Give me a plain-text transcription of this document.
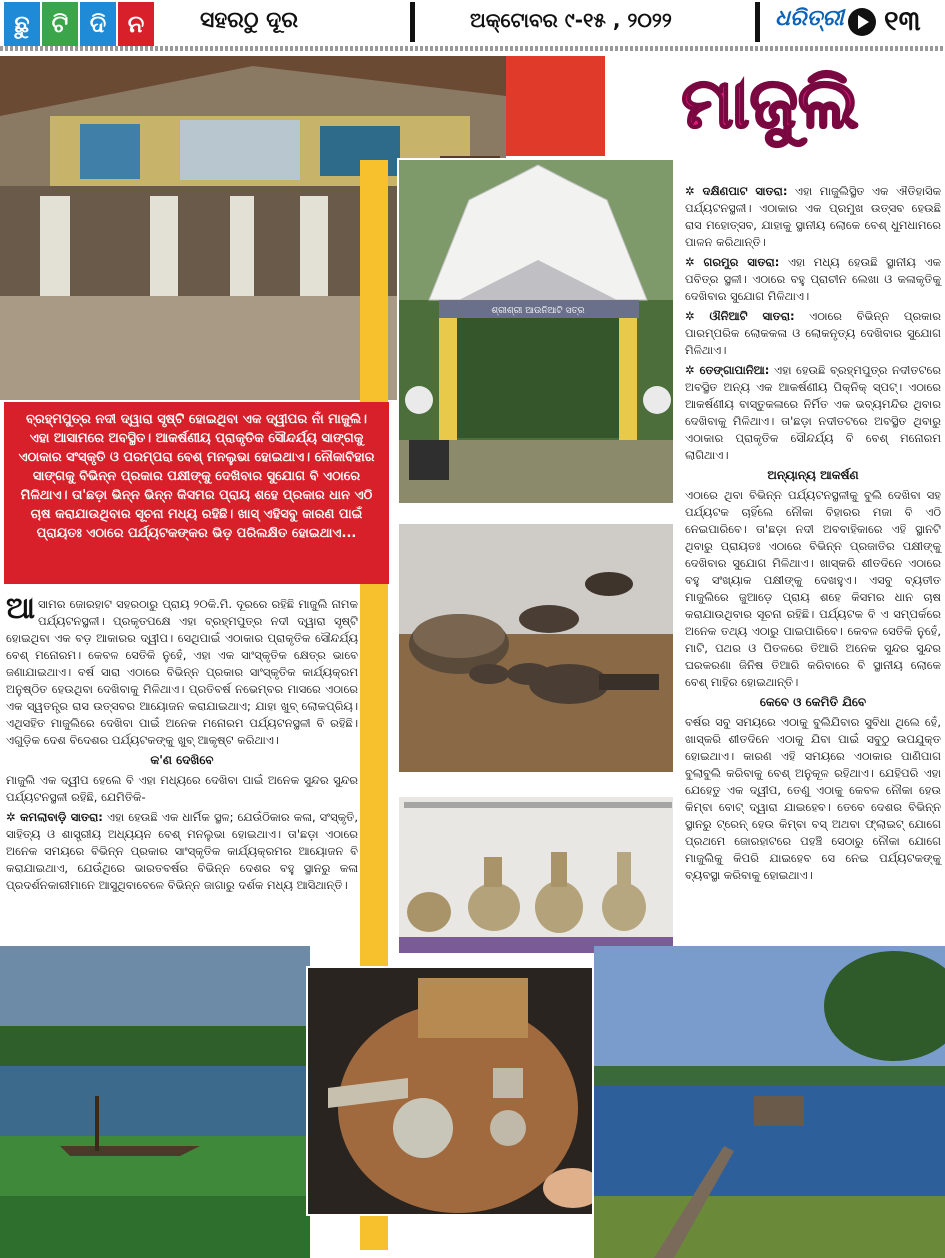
ଛୁ ଟି ଦି ନ	ସହରଠୁ ଦୂର	ଅକ୍ଟୋବର ୯-୧୫ , ୨୦୨୨	ଧରିତ୍ରୀ ୧୩
ମାଜୁଲି
ଶ୍ରୀଶ୍ରୀ ଆଉନିଆଟି ସତ୍ର
ବ୍ରହ୍ମପୁତ୍ର ନଦୀ ଦ୍ୱାରା ସୃଷ୍ଟି ହୋଇଥିବା ଏକ ଦ୍ୱୀପର ନାଁ ମାଜୁଲି। ଏହା ଆସାମରେ ଅବସ୍ଥିତ। ଆକର୍ଷଣୀୟ ପ୍ରାକୃତିକ ସୌନ୍ଦର୍ଯ୍ୟ ସାଙ୍ଗକୁ ଏଠାକାର ସଂସ୍କୃତି ଓ ପରମ୍ପରା ବେଶ୍ ମନଲୁଭା ହୋଇଥାଏ। ନୌକାବିହାର ସାଙ୍ଗକୁ ବିଭିନ୍ନ ପ୍ରକାର ପକ୍ଷୀଙ୍କୁ ଦେଖିବାର ସୁଯୋଗ ବି ଏଠାରେ ମିଳିଥାଏ। ତା'ଛଡ଼ା ଭିନ୍ନ ଭିନ୍ନ କିସମର ପ୍ରାୟ ଶହେ ପ୍ରକାର ଧାନ ଏଠି ଚାଷ କରାଯାଉଥିବାର ସୂଚନା ମଧ୍ୟ ରହିଛି। ଖାସ୍ ଏହିସବୁ କାରଣ ପାଇଁ ପ୍ରାୟତଃ ଏଠାରେ ପର୍ଯ୍ୟଟକଙ୍କର ଭିଡ଼ ପରିଲକ୍ଷିତ ହୋଇଥାଏ...

ଆସାମର ଜୋରହାଟ ସହରଠାରୁ ପ୍ରାୟ ୨୦କି.ମି. ଦୂରରେ ରହିଛି ମାଜୁଲି ନାମକ ପର୍ଯ୍ୟଟନସ୍ଥଳୀ। ପ୍ରକୃତପକ୍ଷେ ଏହା ବ୍ରହ୍ମପୁତ୍ର ନଦୀ ଦ୍ୱାରା ସୃଷ୍ଟି ହୋଇଥିବା ଏକ ବଡ଼ ଆକାରର ଦ୍ୱୀପ। ସେଥିପାଇଁ ଏଠାକାର ପ୍ରାକୃତିକ ସୌନ୍ଦର୍ଯ୍ୟ ବେଶ୍ ମନୋରମ। କେବଳ ସେତିକି ନୁହେଁ, ଏହା ଏକ ସାଂସ୍କୃତିକ କ୍ଷେତ୍ର ଭାବେ ଜଣାଯାଇଥାଏ। ବର୍ଷ ସାରା ଏଠାରେ ବିଭିନ୍ନ ପ୍ରକାର ସାଂସ୍କୃତିକ କାର୍ଯ୍ୟକ୍ରମ ଅନୁଷ୍ଠିତ ହେଉଥିବା ଦେଖିବାକୁ ମିଳିଥାଏ। ପ୍ରତିବର୍ଷ ନଭେମ୍ବର ମାସରେ ଏଠାରେ ଏକ ସ୍ୱତନ୍ତ୍ର ରାସ ଉତ୍ସବର ଆୟୋଜନ କରାଯାଇଥାଏ; ଯାହା ଖୁବ୍ ଲୋକପ୍ରିୟ। ଏଥିସହିତ ମାଜୁଲିରେ ଦେଖିବା ପାଇଁ ଅନେକ ମନୋରମ ପର୍ଯ୍ୟଟନସ୍ଥଳୀ ବି ରହିଛି। ଏଗୁଡ଼ିକ ଦେଶ ବିଦେଶର ପର୍ଯ୍ୟଟକଙ୍କୁ ଖୁବ୍ ଆକୃଷ୍ଟ କରିଥାଏ।

କ'ଣ ଦେଖିବେ

ମାଜୁଲି ଏକ ଦ୍ୱୀପ ହେଲେ ବି ଏହା ମଧ୍ୟରେ ଦେଖିବା ପାଇଁ ଅନେକ ସୁନ୍ଦର ସୁନ୍ଦର ପର୍ଯ୍ୟଟନସ୍ଥଳୀ ରହିଛି, ଯେମିତିକି-

✲ କମଲାବାଡ଼ି ସାତରା: ଏହା ହେଉଛି ଏକ ଧାର୍ମିକ ସ୍ଥଳ; ଯେଉଁଠିକାର କଳା, ସଂସ୍କୃତି, ସାହିତ୍ୟ ଓ ଶାସ୍ତ୍ରୀୟ ଅଧ୍ୟୟନ ବେଶ୍ ମନଲୁଭା ହୋଇଥାଏ। ତା'ଛଡ଼ା ଏଠାରେ ଅନେକ ସମୟରେ ବିଭିନ୍ନ ପ୍ରକାର ସାଂସ୍କୃତିକ କାର୍ଯ୍ୟକ୍ରମର ଆୟୋଜନ ବି କରାଯାଇଥାଏ, ଯେଉଁଥିରେ ଭାରତବର୍ଷର ବିଭିନ୍ନ ଦେଶର ବହୁ ସ୍ଥାନରୁ କଳା ପ୍ରଦର୍ଶନକାରୀମାନେ ଆସୁଥିବାବେଳେ ବିଭିନ୍ନ ଜାଗାରୁ ଦର୍ଶକ ମଧ୍ୟ ଆସିଥାନ୍ତି।

✲ ଦକ୍ଷିଣପାଟ ସାତରା: ଏହା ମାଜୁଲିସ୍ଥିତ ଏକ ଐତିହାସିକ ପର୍ଯ୍ୟଟନସ୍ଥଳୀ। ଏଠାକାର ଏକ ପ୍ରମୁଖ ଉତ୍ସବ ହେଉଛି ରାସ ମହୋତ୍ସବ, ଯାହାକୁ ସ୍ଥାନୀୟ ଲୋକେ ବେଶ୍ ଧୁମଧାମରେ ପାଳନ କରିଥାନ୍ତି।

✲ ଗରମୁର ସାତରା: ଏହା ମଧ୍ୟ ହେଉଛି ସ୍ଥାନୀୟ ଏକ ପବିତ୍ର ସ୍ଥଳୀ। ଏଠାରେ ବହୁ ପ୍ରାଚୀନ ଲେଖା ଓ କଳାକୃତିକୁ ଦେଖିବାର ସୁଯୋଗ ମିଳିଥାଏ।

✲ ଔନିଆଟି ସାତରା: ଏଠାରେ ବିଭିନ୍ନ ପ୍ରକାର ପାରମ୍ପରିକ ଲୋକକଳା ଓ ଲୋକନୃତ୍ୟ ଦେଖିବାର ସୁଯୋଗ ମିଳିଥାଏ।

✲ ତେଙ୍ଗାପାନିଆ: ଏହା ହେଉଛି ବ୍ରହ୍ମପୁତ୍ର ନଦୀତଟରେ ଅବସ୍ଥିତ ଅନ୍ୟ ଏକ ଆକର୍ଷଣୀୟ ପିକ୍‌ନିକ୍ ସ୍ପଟ୍। ଏଠାରେ ଆକର୍ଷଣୀୟ ବାସ୍ତୁକଳାରେ ନିର୍ମିତ ଏକ ଭବ୍ୟମନ୍ଦିର ଥିବାର ଦେଖିବାକୁ ମିଳିଥାଏ। ତା'ଛଡ଼ା ନଦୀତଟରେ ଅବସ୍ଥିତ ଥିବାରୁ ଏଠାକାର ପ୍ରାକୃତିକ ସୌନ୍ଦର୍ଯ୍ୟ ବି ବେଶ୍ ମନୋରମ ଲାଗିଥାଏ।

ଅନ୍ୟାନ୍ୟ ଆକର୍ଷଣ

ଏଠାରେ ଥିବା ବିଭିନ୍ନ ପର୍ଯ୍ୟଟନସ୍ଥଳୀକୁ ବୁଲି ଦେଖିବା ସହ ପର୍ଯ୍ୟଟକ ଚାହିଁଲେ ନୌକା ବିହାରର ମଜା ବି ଏଠି ନେଇପାରିବେ। ତା'ଛଡ଼ା ନଦୀ ଅବବାହିକାରେ ଏହି ସ୍ଥାନଟି ଥିବାରୁ ପ୍ରାୟତଃ ଏଠାରେ ବିଭିନ୍ନ ପ୍ରଜାତିର ପକ୍ଷୀଙ୍କୁ ଦେଖିବାର ସୁଯୋଗ ମିଳିଥାଏ। ଖାସ୍‌କରି ଶୀତଦିନେ ଏଠାରେ ବହୁ ସଂଖ୍ୟାକ ପକ୍ଷୀଙ୍କୁ ଦେଖହୁଏ। ଏସବୁ ବ୍ୟତୀତ ମାଜୁଲିରେ ଜୁଆଡ଼େ ପ୍ରାୟ ଶହେ କିସମର ଧାନ ଚାଷ କରାଯାଉଥିବାର ସୂଚନା ରହିଛି। ପର୍ଯ୍ୟଟକ ବି ଏ ସମ୍ପର୍କରେ ଅନେକ ତଥ୍ୟ ଏଠାରୁ ପାଇପାରିବେ। କେବଳ ସେତିକି ନୁହେଁ, ମାଟି, ପଥର ଓ ପିତଳରେ ତିଆରି ଅନେକ ସୁନ୍ଦର ସୁନ୍ଦର ଘରକରଣା ଜିନିଷ ତିଆରି କରିବାରେ ବି ସ୍ଥାନୀୟ ଲୋକେ ବେଶ୍ ମାହିର ହୋଇଥାନ୍ତି।

କେବେ ଓ କେମିତି ଯିବେ

ବର୍ଷର ସବୁ ସମୟରେ ଏଠାକୁ ବୁଲିଯିବାର ସୁବିଧା ଥିଲେ ହେଁ, ଖାସ୍‌କରି ଶୀତଦିନେ ଏଠାକୁ ଯିବା ପାଇଁ ସବୁଠୁ ଉପଯୁକ୍ତ ହୋଇଥାଏ। କାରଣ ଏହି ସମୟରେ ଏଠାକାର ପାଣିପାଗ ବୁଲାବୁଲି କରିବାକୁ ବେଶ୍ ଅନୁକୂଳ ରହିଥାଏ। ଯେହିପରି ଏହା ଯେହେତୁ ଏକ ଦ୍ୱୀପ, ତେଣୁ ଏଠାକୁ କେବଳ ନୌକା ହେଉ କିମ୍ବା ବୋଟ୍ ଦ୍ୱାରା ଯାଇହେବ। ତେବେ ଦେଶର ବିଭିନ୍ନ ସ୍ଥାନରୁ ଟ୍ରେନ୍ ହେଉ କିମ୍ବା ବସ୍ ଅଥବା ଫ୍ଲାଇଟ୍ ଯୋଗେ ପ୍ରଥମେ ଜୋରହାଟରେ ପହଞ୍ଚି ସେଠାରୁ ନୌକା ଯୋଗେ ମାଜୁଲିକୁ କିପରି ଯାଇହେବ ସେ ନେଇ ପର୍ଯ୍ୟଟକଙ୍କୁ ବ୍ୟବସ୍ଥା କରିବାକୁ ହୋଇଥାଏ।
